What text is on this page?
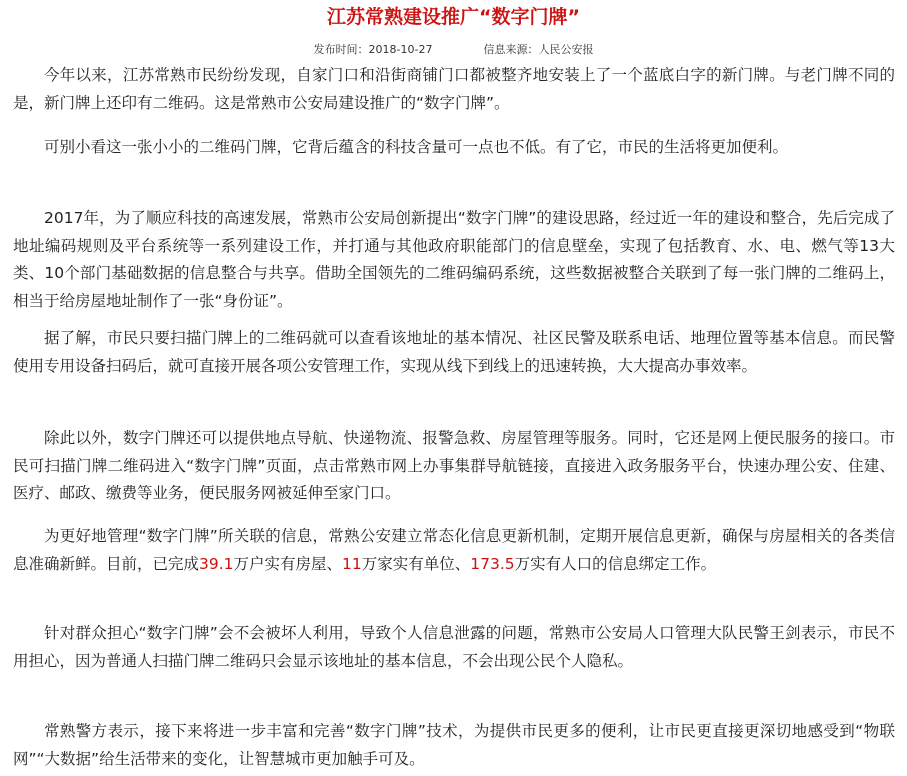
江苏常熟建设推广“数字门牌”
发布时间：2018-10-27	信息来源：人民公安报

今年以来，江苏常熟市民纷纷发现，自家门口和沿街商铺门口都被整齐地安装上了一个蓝底白字的新门牌。与老门牌不同的是，新门牌上还印有二维码。这是常熟市公安局建设推广的“数字门牌”。

可别小看这一张小小的二维码门牌，它背后蕴含的科技含量可一点也不低。有了它，市民的生活将更加便利。

2017年，为了顺应科技的高速发展，常熟市公安局创新提出“数字门牌”的建设思路，经过近一年的建设和整合，先后完成了地址编码规则及平台系统等一系列建设工作，并打通与其他政府职能部门的信息壁垒，实现了包括教育、水、电、燃气等13大类、10个部门基础数据的信息整合与共享。借助全国领先的二维码编码系统，这些数据被整合关联到了每一张门牌的二维码上，相当于给房屋地址制作了一张“身份证”。

据了解，市民只要扫描门牌上的二维码就可以查看该地址的基本情况、社区民警及联系电话、地理位置等基本信息。而民警使用专用设备扫码后，就可直接开展各项公安管理工作，实现从线下到线上的迅速转换，大大提高办事效率。

除此以外，数字门牌还可以提供地点导航、快递物流、报警急救、房屋管理等服务。同时，它还是网上便民服务的接口。市民可扫描门牌二维码进入“数字门牌”页面，点击常熟市网上办事集群导航链接，直接进入政务服务平台，快速办理公安、住建、医疗、邮政、缴费等业务，便民服务网被延伸至家门口。

为更好地管理“数字门牌”所关联的信息，常熟公安建立常态化信息更新机制，定期开展信息更新，确保与房屋相关的各类信息准确新鲜。目前，已完成39.1万户实有房屋、11万家实有单位、173.5万实有人口的信息绑定工作。

针对群众担心“数字门牌”会不会被坏人利用，导致个人信息泄露的问题，常熟市公安局人口管理大队民警王剑表示，市民不用担心，因为普通人扫描门牌二维码只会显示该地址的基本信息，不会出现公民个人隐私。

常熟警方表示，接下来将进一步丰富和完善“数字门牌”技术，为提供市民更多的便利，让市民更直接更深切地感受到“物联网”“大数据”给生活带来的变化，让智慧城市更加触手可及。
